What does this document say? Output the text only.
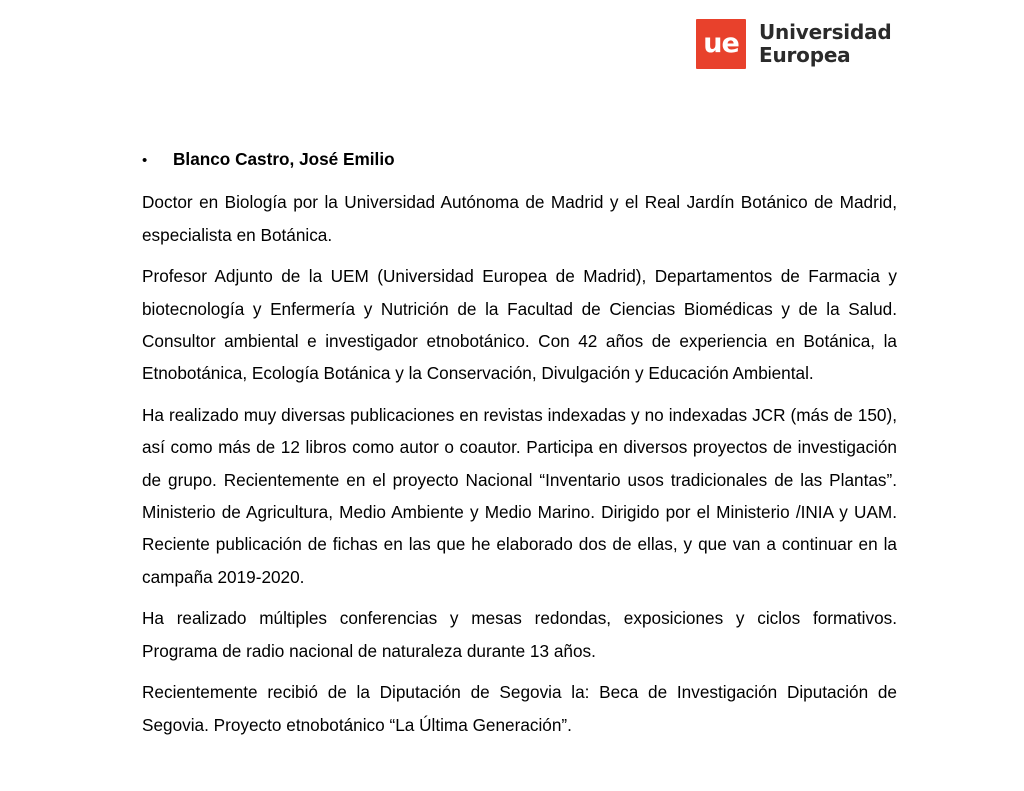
ue Universidad
Europea
•	Blanco Castro, José Emilio

Doctor en Biología por la Universidad Autónoma de Madrid y el Real Jardín Botánico de Madrid, especialista en Botánica.

Profesor Adjunto de la UEM (Universidad Europea de Madrid), Departamentos de Farmacia y biotecnología y Enfermería y Nutrición de la Facultad de Ciencias Biomédicas y de la Salud. Consultor ambiental e investigador etnobotánico. Con 42 años de experiencia en Botánica, la Etnobotánica, Ecología Botánica y la Conservación, Divulgación y Educación Ambiental.

Ha realizado muy diversas publicaciones en revistas indexadas y no indexadas JCR (más de 150), así como más de 12 libros como autor o coautor. Participa en diversos proyectos de investigación de grupo. Recientemente en el proyecto Nacional “Inventario usos tradicionales de las Plantas”. Ministerio de Agricultura, Medio Ambiente y Medio Marino. Dirigido por el Ministerio /INIA y UAM. Reciente publicación de fichas en las que he elaborado dos de ellas, y que van a continuar en la campaña 2019-2020.

Ha realizado múltiples conferencias y mesas redondas, exposiciones y ciclos formativos. Programa de radio nacional de naturaleza durante 13 años.

Recientemente recibió de la Diputación de Segovia la: Beca de Investigación Diputación de Segovia. Proyecto etnobotánico “La Última Generación”.
